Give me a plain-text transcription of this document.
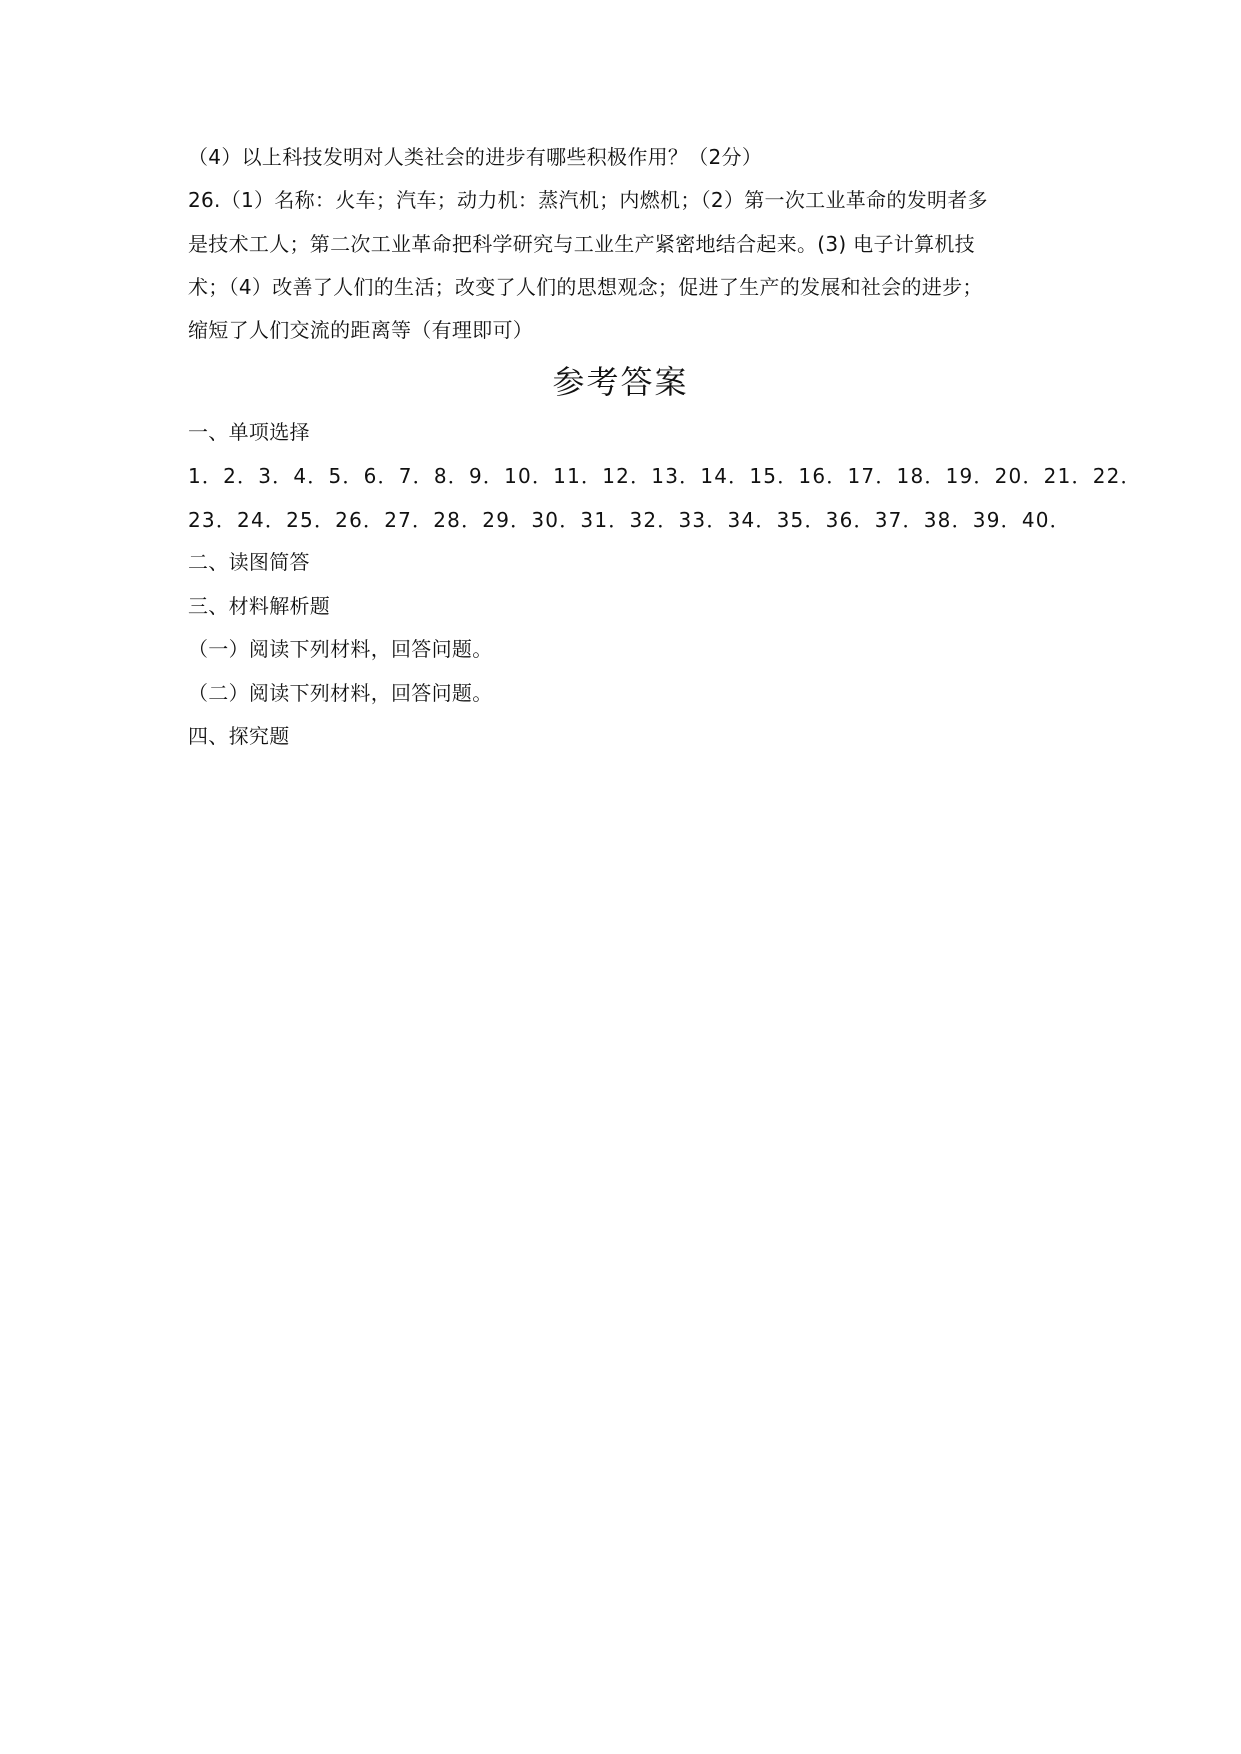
（4）以上科技发明对人类社会的进步有哪些积极作用？（2分）
26.（1）名称：火车；汽车；动力机：蒸汽机；内燃机；（2）第一次工业革命的发明者多
是技术工人；第二次工业革命把科学研究与工业生产紧密地结合起来。(3) 电子计算机技
术；（4）改善了人们的生活；改变了人们的思想观念；促进了生产的发展和社会的进步；
缩短了人们交流的距离等（有理即可）
参考答案
一、单项选择
1．2．3．4．5．6．7．8．9．10．11．12．13．14．15．16．17．18．19．20．21．22．
23．24．25．26．27．28．29．30．31．32．33．34．35．36．37．38．39．40．
二、读图简答
三、材料解析题
（一）阅读下列材料，回答问题。
（二）阅读下列材料，回答问题。
四、探究题
